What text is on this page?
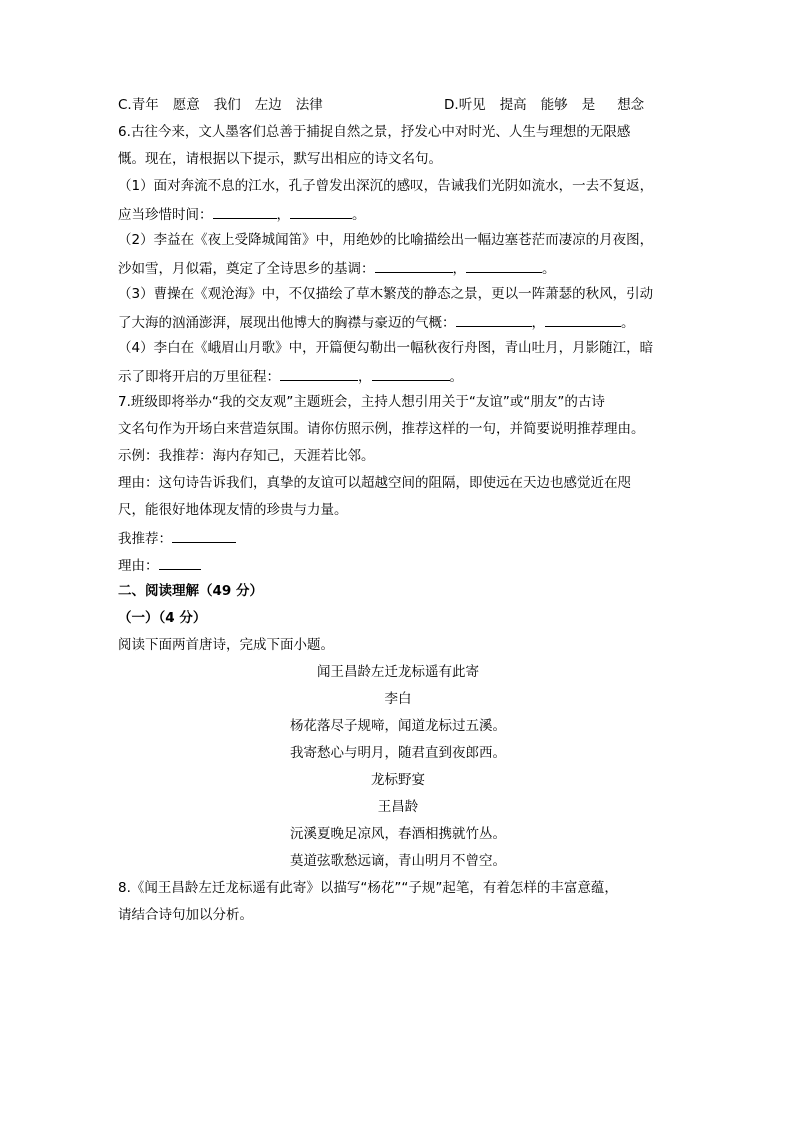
C.青年 愿意 我们 左边 法律	D.听见 提高 能够 是 想念
6.古往今来，文人墨客们总善于捕捉自然之景，抒发心中对时光、人生与理想的无限感
慨。现在，请根据以下提示，默写出相应的诗文名句。
（1）面对奔流不息的江水，孔子曾发出深沉的感叹，告诫我们光阴如流水，一去不复返，
应当珍惜时间：	，	。
（2）李益在《夜上受降城闻笛》中，用绝妙的比喻描绘出一幅边塞苍茫而凄凉的月夜图，
沙如雪，月似霜，奠定了全诗思乡的基调：	，	。
（3）曹操在《观沧海》中，不仅描绘了草木繁茂的静态之景，更以一阵萧瑟的秋风，引动
了大海的汹涌澎湃，展现出他博大的胸襟与豪迈的气概：	，	。
（4）李白在《峨眉山月歌》中，开篇便勾勒出一幅秋夜行舟图，青山吐月，月影随江，暗
示了即将开启的万里征程：	，	。
7.班级即将举办“我的交友观”主题班会，主持人想引用关于“友谊”或“朋友”的古诗
文名句作为开场白来营造氛围。请你仿照示例，推荐这样的一句，并简要说明推荐理由。
示例：我推荐：海内存知己，天涯若比邻。
理由：这句诗告诉我们，真挚的友谊可以超越空间的阻隔，即使远在天边也感觉近在咫
尺，能很好地体现友情的珍贵与力量。
我推荐：
理由：
二、阅读理解（49 分）
（一）（4 分）
阅读下面两首唐诗，完成下面小题。
闻王昌龄左迁龙标遥有此寄
李白
杨花落尽子规啼，闻道龙标过五溪。
我寄愁心与明月，随君直到夜郎西。
龙标野宴
王昌龄
沅溪夏晚足凉风，春酒相携就竹丛。
莫道弦歌愁远谪，青山明月不曾空。
8.《闻王昌龄左迁龙标遥有此寄》以描写“杨花”“子规”起笔，有着怎样的丰富意蕴，
请结合诗句加以分析。
